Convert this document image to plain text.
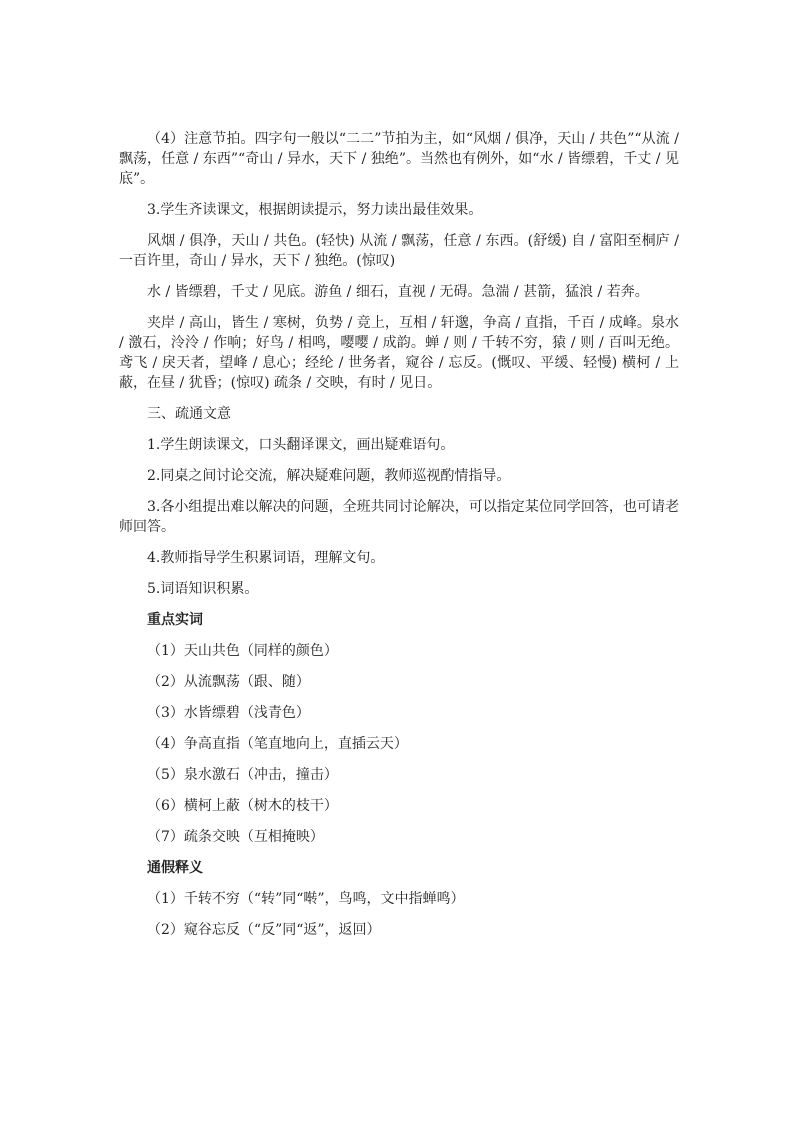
（4）注意节拍。四字句一般以“二二”节拍为主，如“风烟 / 俱净，天山 / 共色”“从流 / 飘荡，任意 / 东西”“奇山 / 异水，天下 / 独绝”。当然也有例外，如“水 / 皆缥碧，千丈 / 见底”。

3.学生齐读课文，根据朗读提示，努力读出最佳效果。

风烟 / 俱净，天山 / 共色。(轻快) 从流 / 飘荡，任意 / 东西。(舒缓) 自 / 富阳至桐庐 / 一百许里，奇山 / 异水，天下 / 独绝。(惊叹)

水 / 皆缥碧，千丈 / 见底。游鱼 / 细石，直视 / 无碍。急湍 / 甚箭，猛浪 / 若奔。

夹岸 / 高山，皆生 / 寒树，负势 / 竞上，互相 / 轩邈，争高 / 直指，千百 / 成峰。泉水 / 激石，泠泠 / 作响；好鸟 / 相鸣，嘤嘤 / 成韵。蝉 / 则 / 千转不穷，猿 / 则 / 百叫无绝。鸢飞 / 戾天者，望峰 / 息心；经纶 / 世务者，窥谷 / 忘反。(慨叹、平缓、轻慢) 横柯 / 上蔽，在昼 / 犹昏；(惊叹) 疏条 / 交映，有时 / 见日。

三、疏通文意

1.学生朗读课文，口头翻译课文，画出疑难语句。

2.同桌之间讨论交流，解决疑难问题，教师巡视酌情指导。

3.各小组提出难以解决的问题，全班共同讨论解决，可以指定某位同学回答，也可请老师回答。

4.教师指导学生积累词语，理解文句。

5.词语知识积累。

重点实词

（1）天山共色（同样的颜色）

（2）从流飘荡（跟、随）

（3）水皆缥碧（浅青色）

（4）争高直指（笔直地向上，直插云天）

（5）泉水激石（冲击，撞击）

（6）横柯上蔽（树木的枝干）

（7）疏条交映（互相掩映）

通假释义

（1）千转不穷（“转”同“啭”，鸟鸣，文中指蝉鸣）

（2）窥谷忘反（“反”同“返”，返回）
